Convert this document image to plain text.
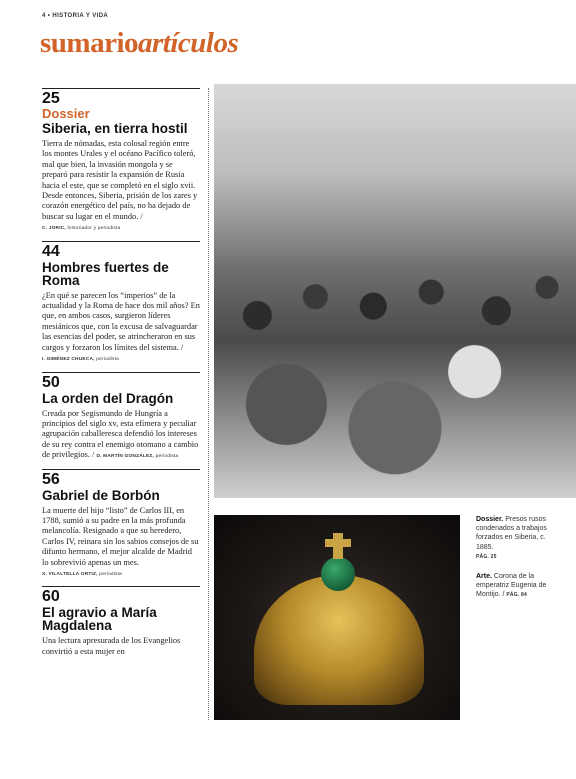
4 • HISTORIA Y VIDA
sumarioartículos
25
Dossier
Siberia, en tierra hostil

Tierra de nómadas, esta colosal región entre los montes Urales y el océano Pacífico toleró, mal que bien, la invasión mongola y se preparó para resistir la expansión de Rusia hacia el este, que se completó en el siglo xvii. Desde entonces, Siberia, prisión de los zares y corazón energético del país, no ha dejado de buscar su lugar en el mundo. / C. JORIC, historiador y periodista

44
Hombres fuertes de Roma

¿En qué se parecen los “imperios” de la actualidad y la Roma de hace dos mil años? En que, en ambos casos, surgieron líderes mesiánicos que, con la excusa de salvaguardar las esencias del poder, se atrincheraron en sus cargos y forzaron los límites del sistema. / I. GIMÉNEZ CHUECA, periodista

50
La orden del Dragón

Creada por Segismundo de Hungría a principios del siglo xv, esta efímera y peculiar agrupación caballeresca defendió los intereses de su rey contra el enemigo otomano a cambio de privilegios. / D. MARTÍN GONZÁLEZ, periodista

56
Gabriel de Borbón

La muerte del hijo “listo” de Carlos III, en 1788, sumió a su padre en la más profunda melancolía. Resignado a que su heredero, Carlos IV, reinara sin los sabios consejos de su difunto hermano, el mejor alcalde de Madrid lo sobrevivió apenas un mes.
X. VILALTELLA ORTIZ, periodista

60
El agravio a María Magdalena

Una lectura apresurada de los Evangelios convirtió a esta mujer en

Dossier. Presos rusos condenados a trabajos forzados en Siberia, c. 1885.
PÁG. 25
Arte. Corona de la emperatriz Eugenia de Montijo. / PÁG. 84
